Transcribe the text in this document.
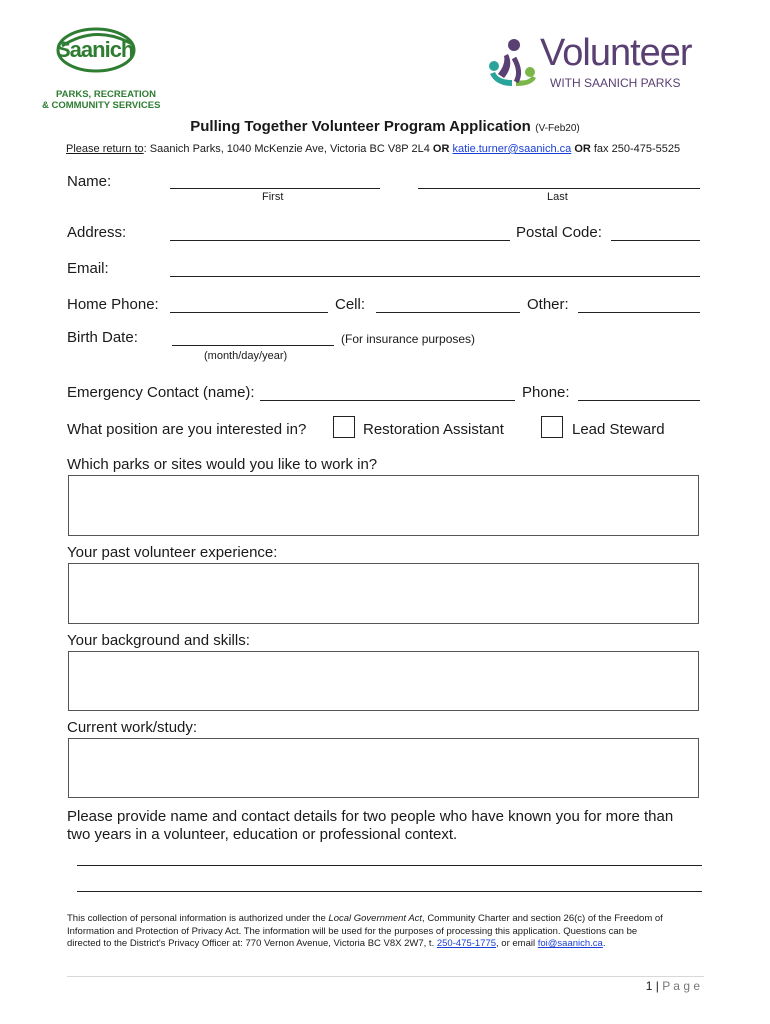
Saanich
PARKS, RECREATION
& COMMUNITY SERVICES
Volunteer
WITH SAANICH PARKS
Pulling Together Volunteer Program Application (V-Feb20)
Please return to: Saanich Parks, 1040 McKenzie Ave, Victoria BC V8P 2L4 OR katie.turner@saanich.ca OR fax 250-475-5525
Name:
First	Last
Address:	Postal Code:
Email:
Home Phone:	Cell:	Other:
Birth Date:	(For insurance purposes)
(month/day/year)
Emergency Contact (name):	Phone:
What position are you interested in?	Restoration Assistant	Lead Steward
Which parks or sites would you like to work in?
Your past volunteer experience:
Your background and skills:
Current work/study:
Please provide name and contact details for two people who have known you for more than
two years in a volunteer, education or professional context.
This collection of personal information is authorized under the Local Government Act, Community Charter and section 26(c) of the Freedom of
Information and Protection of Privacy Act. The information will be used for the purposes of processing this application. Questions can be
directed to the District's Privacy Officer at: 770 Vernon Avenue, Victoria BC V8X 2W7, t. 250-475-1775, or email foi@saanich.ca.
1 | P a g e
